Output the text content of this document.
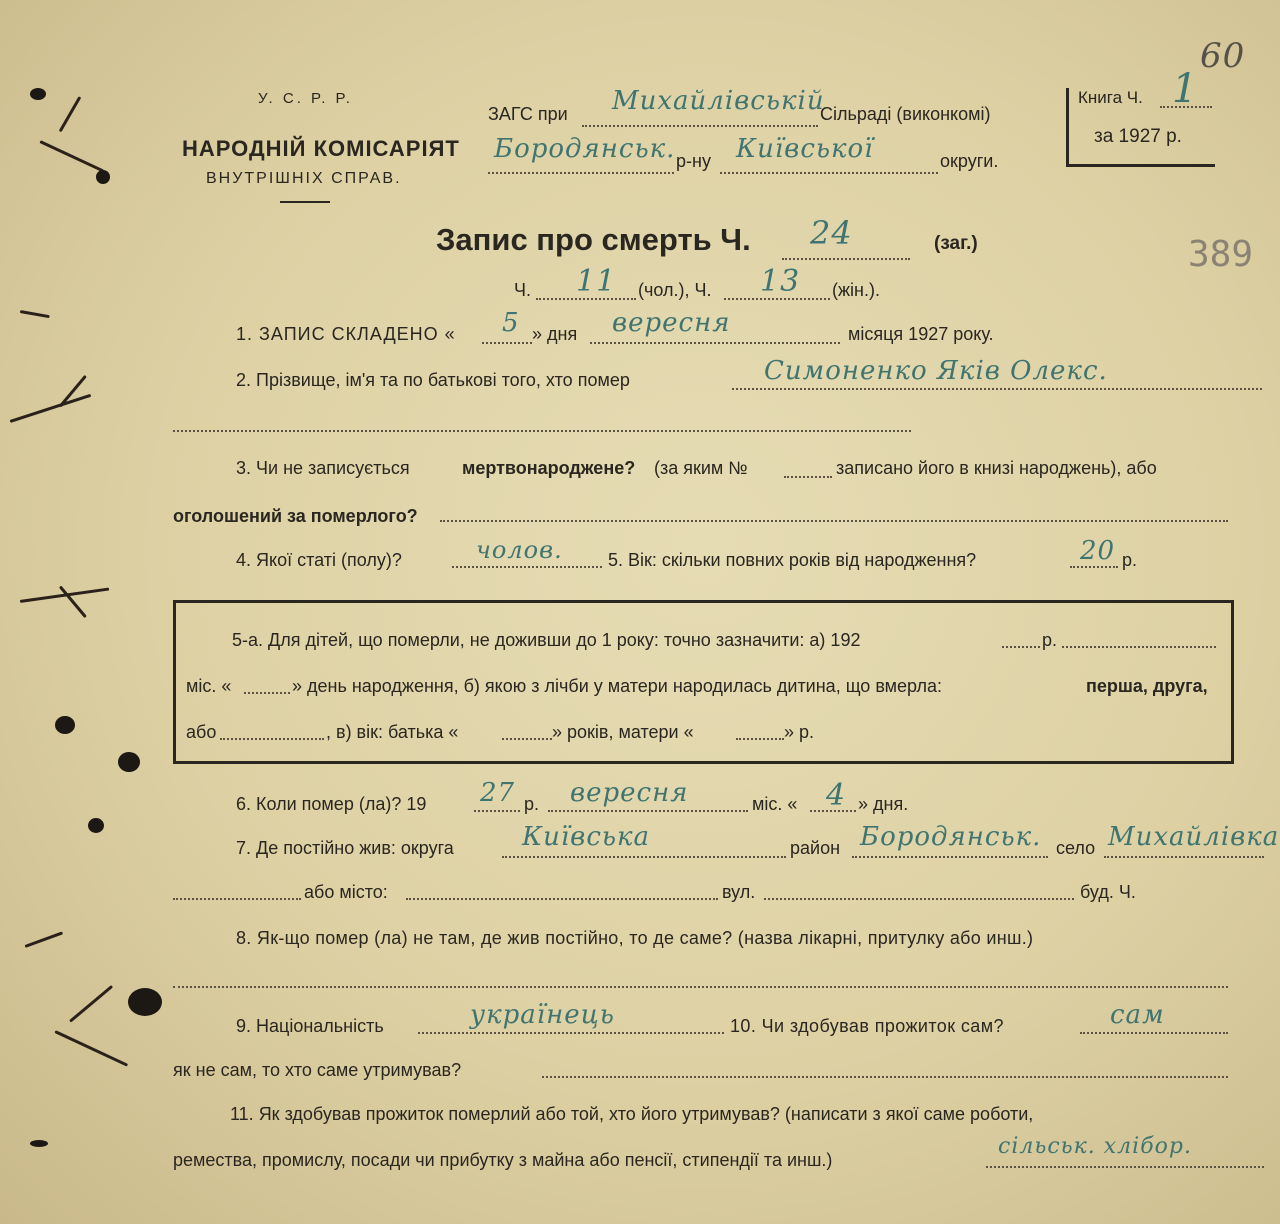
60
389
У. С. Р. Р.
НАРОДНІЙ КОМІСАРІЯТ
ВНУТРІШНІХ СПРАВ.
ЗАГС при Михайлівській
Сільраді (виконкомі)
Бородянськ. р-ну Київської	округи.
Книга Ч. 1
за 1927 р.
Запис про смерть Ч. 24	(заг.)
Ч. 11 (чол.), Ч. 13 (жін.).
1. ЗАПИС СКЛАДЕНО « 5 » дня вересня	місяця 1927 року.
2. Прізвище, ім'я та по батькові того, хто помер	Симоненко Яків Олекс.
3. Чи не записується	мертвонароджене? (за яким №	записано його в книзі народжень), або
оголошений за померлого?
4. Якої статі (полу)?	чолов.	5. Вік: скільки повних років від народження?	20 р.
5-а. Для дітей, що померли, не доживши до 1 року: точно зазначити: а) 192	р.
міс. «	» день народження, б) якою з лічби у матери народилась дитина, що вмерла:	перша, друга,
або	, в) вік: батька «	» років, матери «	» р.
6. Коли помер (ла)? 19 27 р. вересня	міс. « 4 » дня.
7. Де постійно жив: округа	Київська	район Бородянськ. село Михайлівка
або місто:	вул.	буд. Ч.
8. Як-що помер (ла) не там, де жив постійно, то де саме? (назва лікарні, притулку або инш.)
9. Національність	українець	10. Чи здобував прожиток сам?	сам
як не сам, то хто саме утримував?
11. Як здобував прожиток померлий або той, хто його утримував? (написати з якої саме роботи,
ремества, промислу, посади чи прибутку з майна або пенсії, стипендії та инш.)
сільськ. хлібор.
